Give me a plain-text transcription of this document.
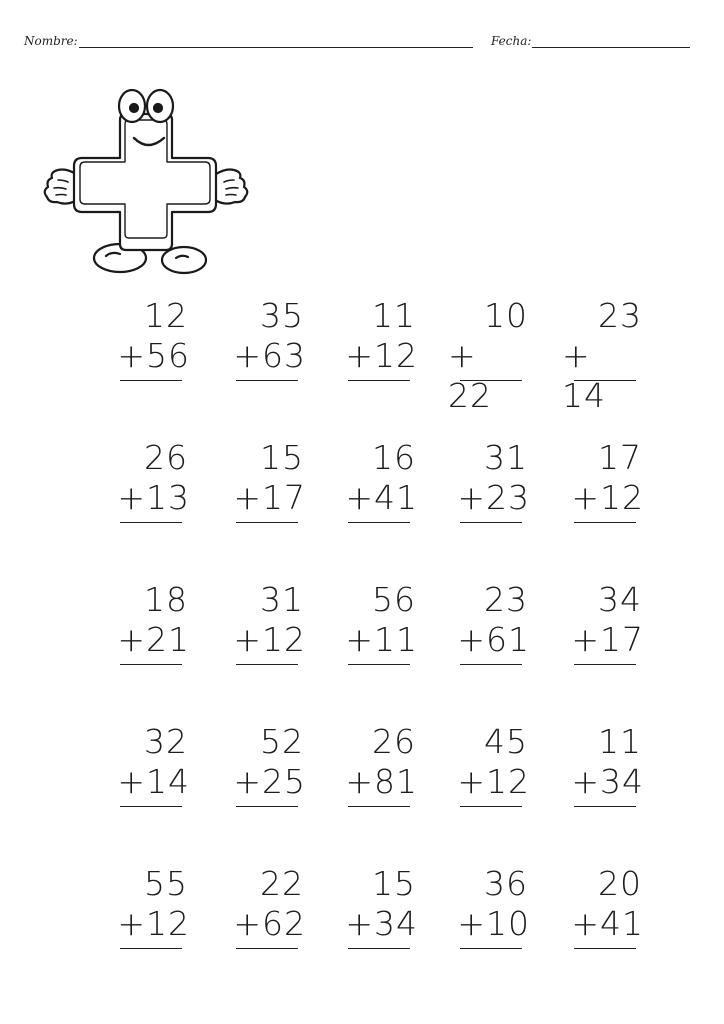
Nombre:	Fecha:
12
+56
35
+63
11
+12
10
+ 22
23
+ 14
26
+13
15
+17
16
+41
31
+23
17
+12
18
+21
31
+12
56
+11
23
+61
34
+17
32
+14
52
+25
26
+81
45
+12
11
+34
55
+12
22
+62
15
+34
36
+10
20
+41
